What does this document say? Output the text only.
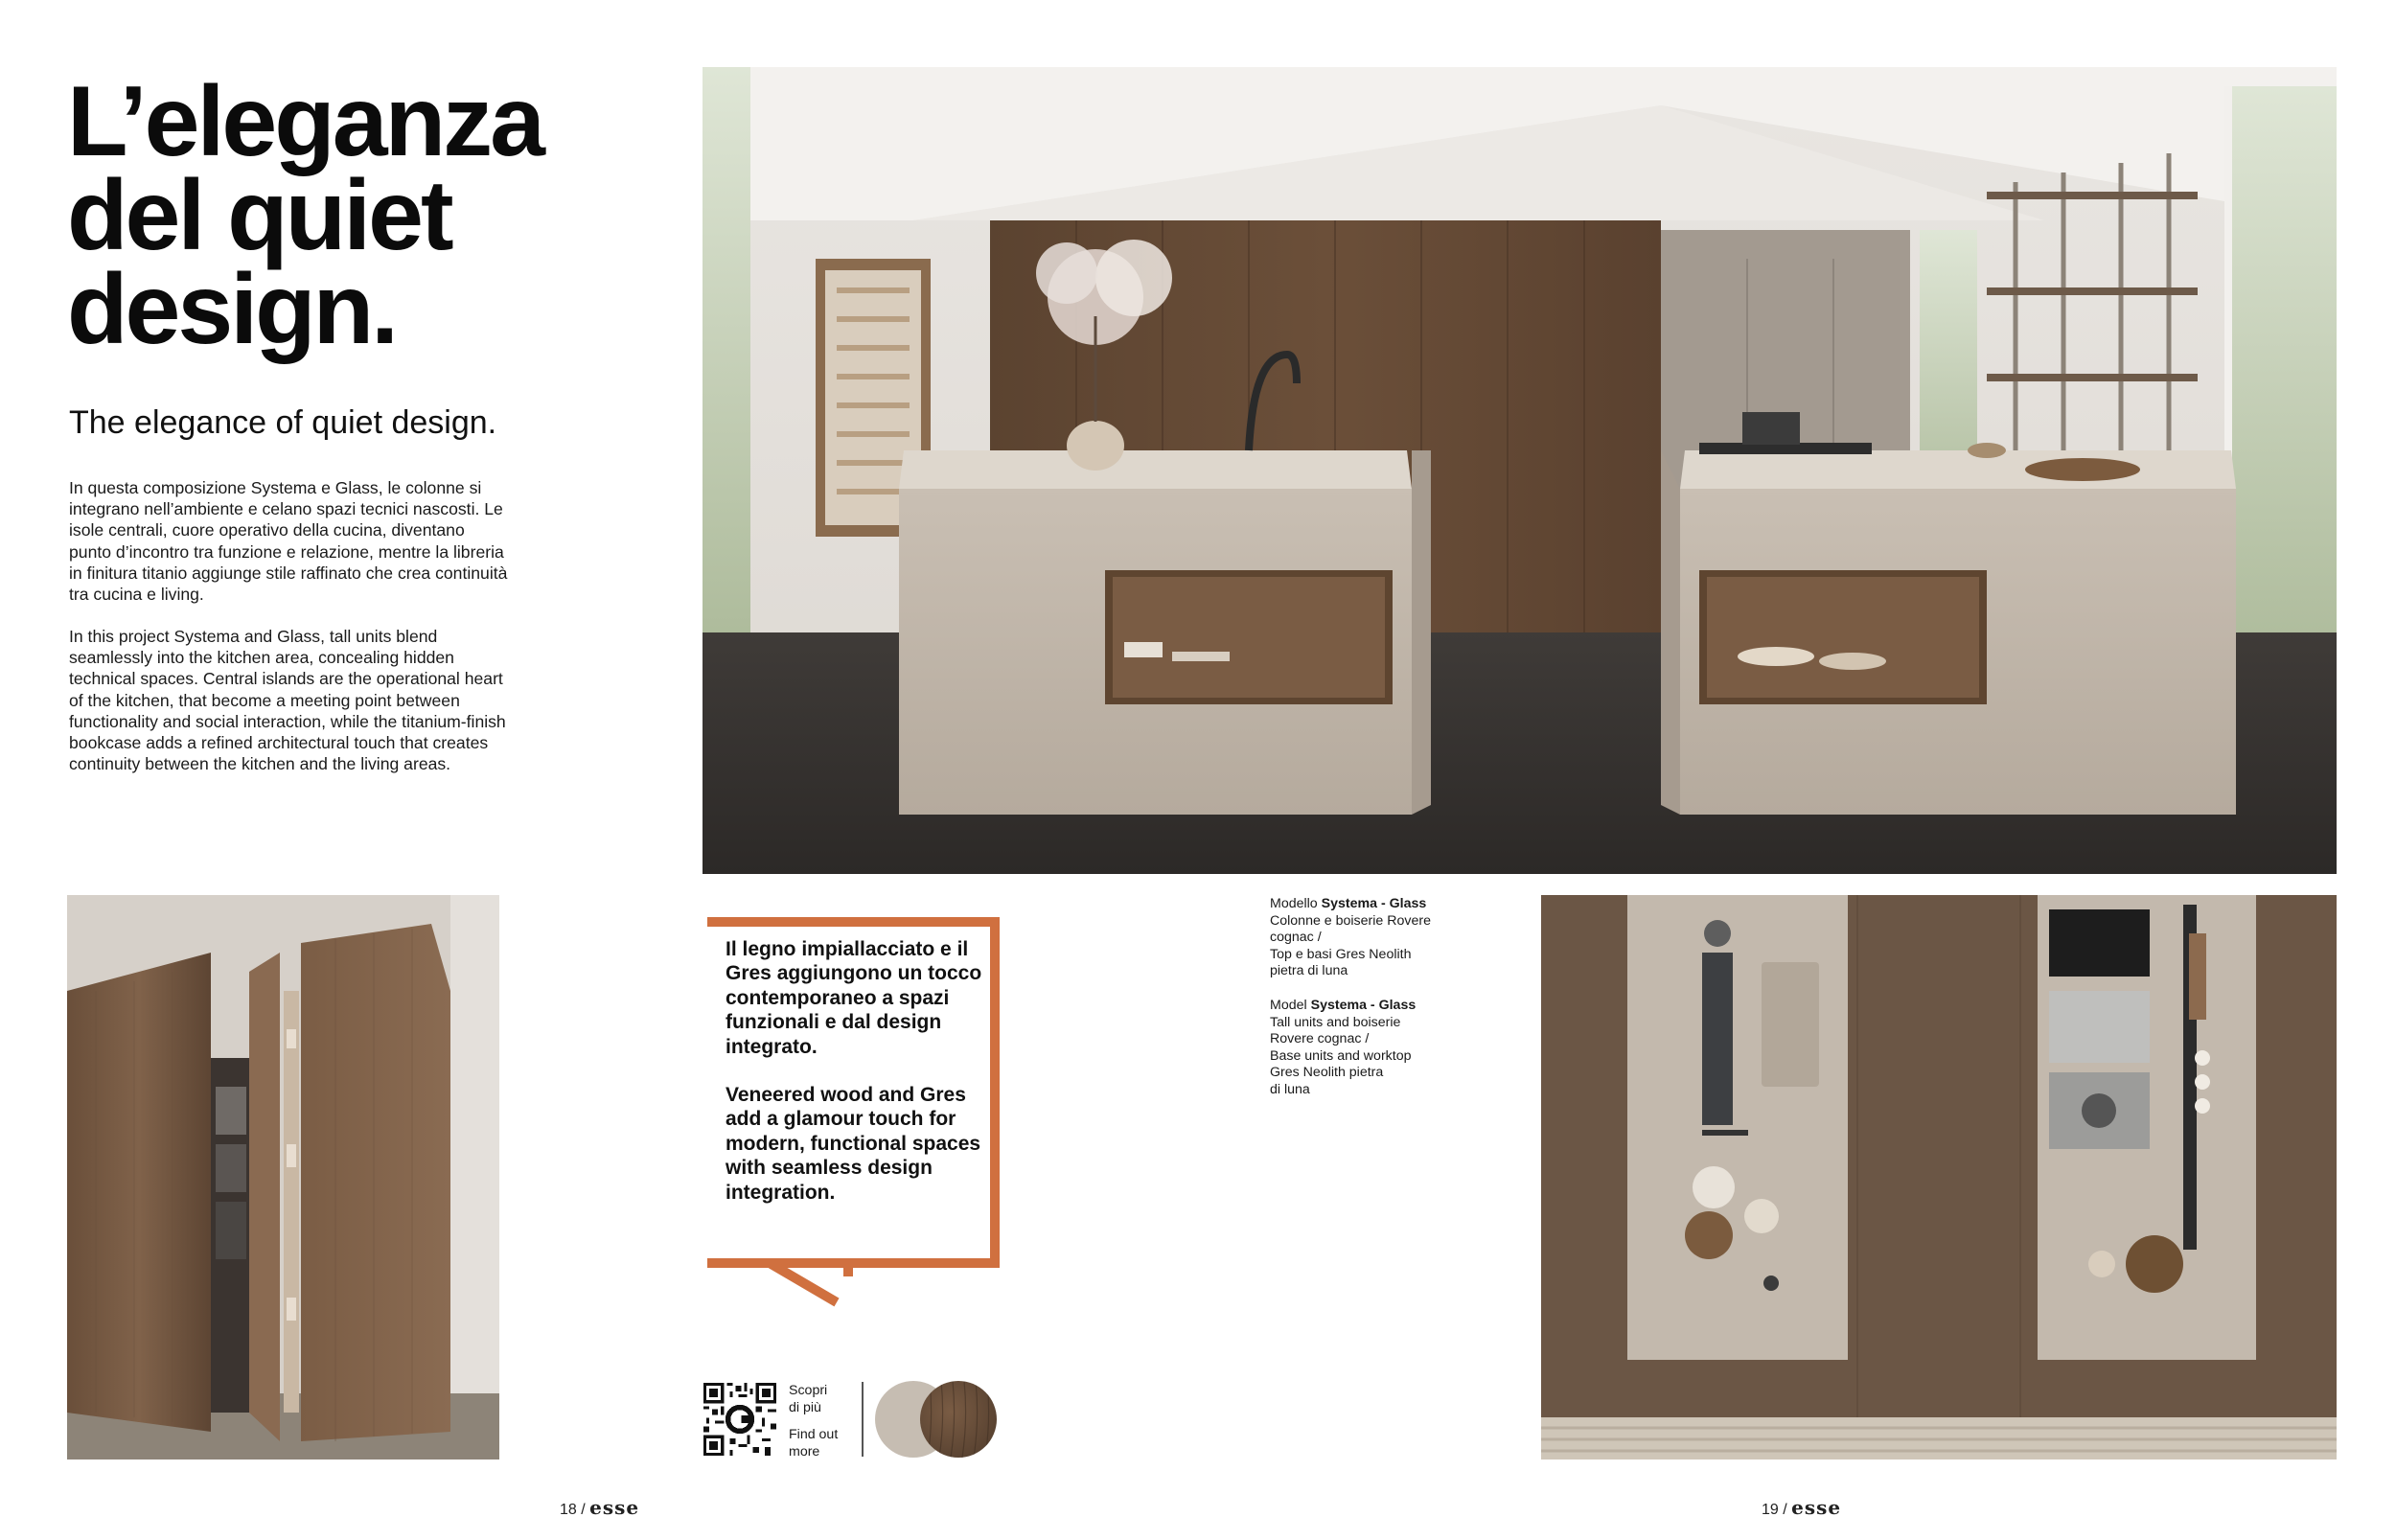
L’eleganza
del quiet
design.
The elegance of quiet design.

In questa composizione Systema e Glass, le colonne si integrano nell’ambiente e celano spazi tecnici nascosti. Le isole centrali, cuore operativo della cucina, diventano punto d’incontro tra funzione e relazione, mentre la libreria in finitura titanio aggiunge stile raffinato che crea continuità tra cucina e living.

In this project Systema and Glass, tall units blend seamlessly into the kitchen area, concealing hidden technical spaces. Central islands are the operational heart of the kitchen, that become a meeting point between functionality and social interaction, while the titanium-finish bookcase adds a refined architectural touch that creates continuity between the kitchen and the living areas.

Il legno impiallacciato e il Gres aggiungono un tocco contemporaneo a spazi funzionali e dal design integrato.

Veneered wood and Gres add a glamour touch for modern, functional spaces with seamless design integration.

Modello Systema - Glass
Colonne e boiserie Rovere
cognac /
Top e basi Gres Neolith
pietra di luna

Model Systema - Glass
Tall units and boiserie
Rovere cognac /
Base units and worktop
Gres Neolith pietra
di luna

Scopri
di più

Find out
more

18 / esse	19 / esse
